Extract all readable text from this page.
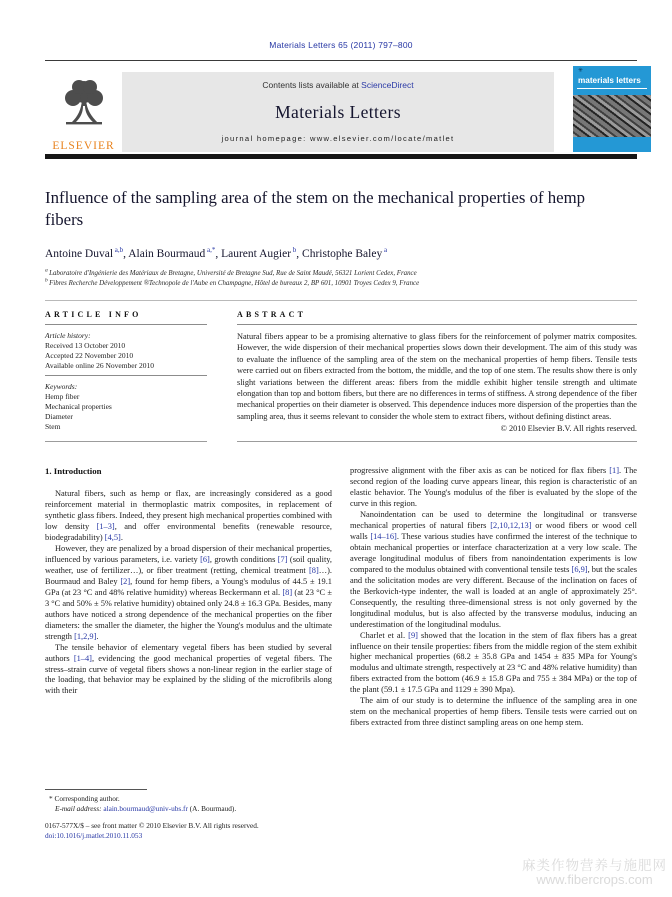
Materials Letters 65 (2011) 797–800
ELSEVIER
Contents lists available at ScienceDirect
Materials Letters
journal homepage: www.elsevier.com/locate/matlet
✳
materials letters
Influence of the sampling area of the stem on the mechanical properties of hemp fibers
Antoine Duval $^{a,b}$, Alain Bourmaud $^{a,*}$, Laurent Augier $^b$, Christophe Baley $^a$
$^a$ Laboratoire d'Ingénierie des Matériaux de Bretagne, Université de Bretagne Sud, Rue de Saint Maudé, 56321 Lorient Cedex, France
$^b$ Fibres Recherche Développement ®Technopole de l'Aube en Champagne, Hôtel de bureaux 2, BP 601, 10901 Troyes Cedex 9, France
ARTICLE INFO
Article history:
Received 13 October 2010
Accepted 22 November 2010
Available online 26 November 2010
Keywords:
Hemp fiber
Mechanical properties
Diameter
Stem
ABSTRACT

Natural fibers appear to be a promising alternative to glass fibers for the reinforcement of polymer matrix composites. However, the wide dispersion of their mechanical properties slows down their development. The aim of this study was to evaluate the influence of the sampling area of the stem on the mechanical properties of hemp fibers. Tensile tests were carried out on fibers extracted from the bottom, the middle, and the top of one stem. The results show there is only slight variations between the different areas: fibers from the middle exhibit higher tensile strength and ultimate elongation than top and bottom fibers, but there are no differences in terms of stiffness. A strong dependence of the fiber mechanical properties on their diameter is observed. This dependence induces more dispersion of the properties than the sampling area, thus it seems relevant to consider the whole stem to extract fibers, without defining distinct areas.

© 2010 Elsevier B.V. All rights reserved.
1. Introduction

Natural fibers, such as hemp or flax, are increasingly considered as a good reinforcement material in thermoplastic matrix composites, in replacement of synthetic glass fibers. Indeed, they present high mechanical properties combined with low density [1–3], and offer environmental benefits (renewable resource, biodegradability) [4,5].

However, they are penalized by a broad dispersion of their mechanical properties, influenced by various parameters, i.e. variety [6], growth conditions [7] (soil quality, weather, use of fertilizer…), or fiber treatment (retting, chemical treatment [8]…). Bourmaud and Baley [2], found for hemp fibers, a Young's modulus of 44.5 ± 19.1 GPa (at 23 °C and 48% relative humidity) whereas Beckermann et al. [8] (at 23 °C ± 3 °C and 50% ± 5% relative humidity) obtained only 24.8 ± 16.3 GPa. Besides, many authors have noticed a strong dependence of the mechanical properties on the fiber diameters: the smaller the diameter, the higher the Young's modulus and the ultimate strength [1,2,9].

The tensile behavior of elementary vegetal fibers has been studied by several authors [1–4], evidencing the good mechanical properties of vegetal fibers. The stress–strain curve of vegetal fibers shows a non-linear region in the earlier stage of the loading, that behavior may be explained by the sliding of the microfibrils along with their

progressive alignment with the fiber axis as can be noticed for flax fibers [1]. The second region of the loading curve appears linear, this region is characteristic of an elastic behavior. The Young's modulus of the fiber is evaluated by the slope of the curve in this region.

Nanoindentation can be used to determine the longitudinal or transverse mechanical properties of natural fibers [2,10,12,13] or wood fibers or wood cell walls [14–16]. These various studies have confirmed the interest of the technique to obtain mechanical properties or interface characterization at a very low scale. The average longitudinal modulus of fibers from nanoindentation experiments is low compared to the modulus obtained with conventional tensile tests [6,9], but the scales and the solicitation modes are very different. Because of the inclination on faces of the Berkovich-type indenter, the wall is loaded at an angle of approximately 25°. Consequently, the resulting three-dimensional stress is not only governed by the longitudinal modulus, but is also affected by the transverse modulus, inducing an underestimation of the longitudinal modulus.

Charlet et al. [9] showed that the location in the stem of flax fibers has a great influence on their tensile properties: fibers from the middle region of the stem exhibit higher mechanical properties (68.2 ± 35.8 GPa and 1454 ± 835 MPa for Young's modulus and ultimate strength, respectively at 23 °C and 48% relative humidity) than fibers extracted from the bottom (46.9 ± 15.8 GPa and 755 ± 384 MPa) or the top of the plant (59.1 ± 17.5 GPa and 1129 ± 390 Mpa).

The aim of our study is to determine the influence of the sampling area in one stem on the mechanical properties of hemp fibers. Tensile tests were carried out on fibers extracted from three distinct sampling areas on one hemp stem.

* Corresponding author.
E-mail address: alain.bourmaud@univ-ubs.fr (A. Bourmaud).
0167-577X/$ – see front matter © 2010 Elsevier B.V. All rights reserved.
doi:10.1016/j.matlet.2010.11.053
麻类作物营养与施肥网
www.fibercrops.com
